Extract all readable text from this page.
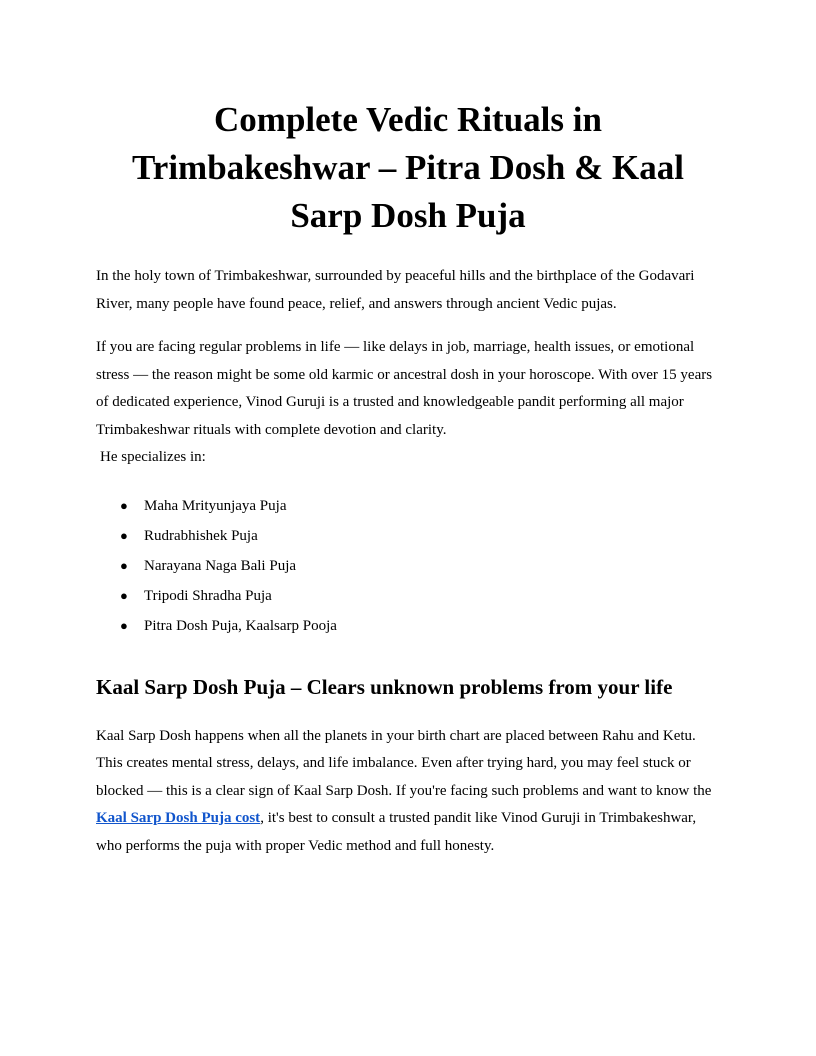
Complete Vedic Rituals in Trimbakeshwar – Pitra Dosh & Kaal Sarp Dosh Puja

In the holy town of Trimbakeshwar, surrounded by peaceful hills and the birthplace of the Godavari River, many people have found peace, relief, and answers through ancient Vedic pujas.

If you are facing regular problems in life — like delays in job, marriage, health issues, or emotional stress — the reason might be some old karmic or ancestral dosh in your horoscope. With over 15 years of dedicated experience, Vinod Guruji is a trusted and knowledgeable pandit performing all major Trimbakeshwar rituals with complete devotion and clarity.

He specializes in:

● Maha Mrityunjaya Puja
● Rudrabhishek Puja
● Narayana Naga Bali Puja
● Tripodi Shradha Puja
● Pitra Dosh Puja, Kaalsarp Pooja
Kaal Sarp Dosh Puja – Clears unknown problems from your life

Kaal Sarp Dosh happens when all the planets in your birth chart are placed between Rahu and Ketu. This creates mental stress, delays, and life imbalance. Even after trying hard, you may feel stuck or blocked — this is a clear sign of Kaal Sarp Dosh. If you're facing such problems and want to know the Kaal Sarp Dosh Puja cost, it's best to consult a trusted pandit like Vinod Guruji in Trimbakeshwar, who performs the puja with proper Vedic method and full honesty.
